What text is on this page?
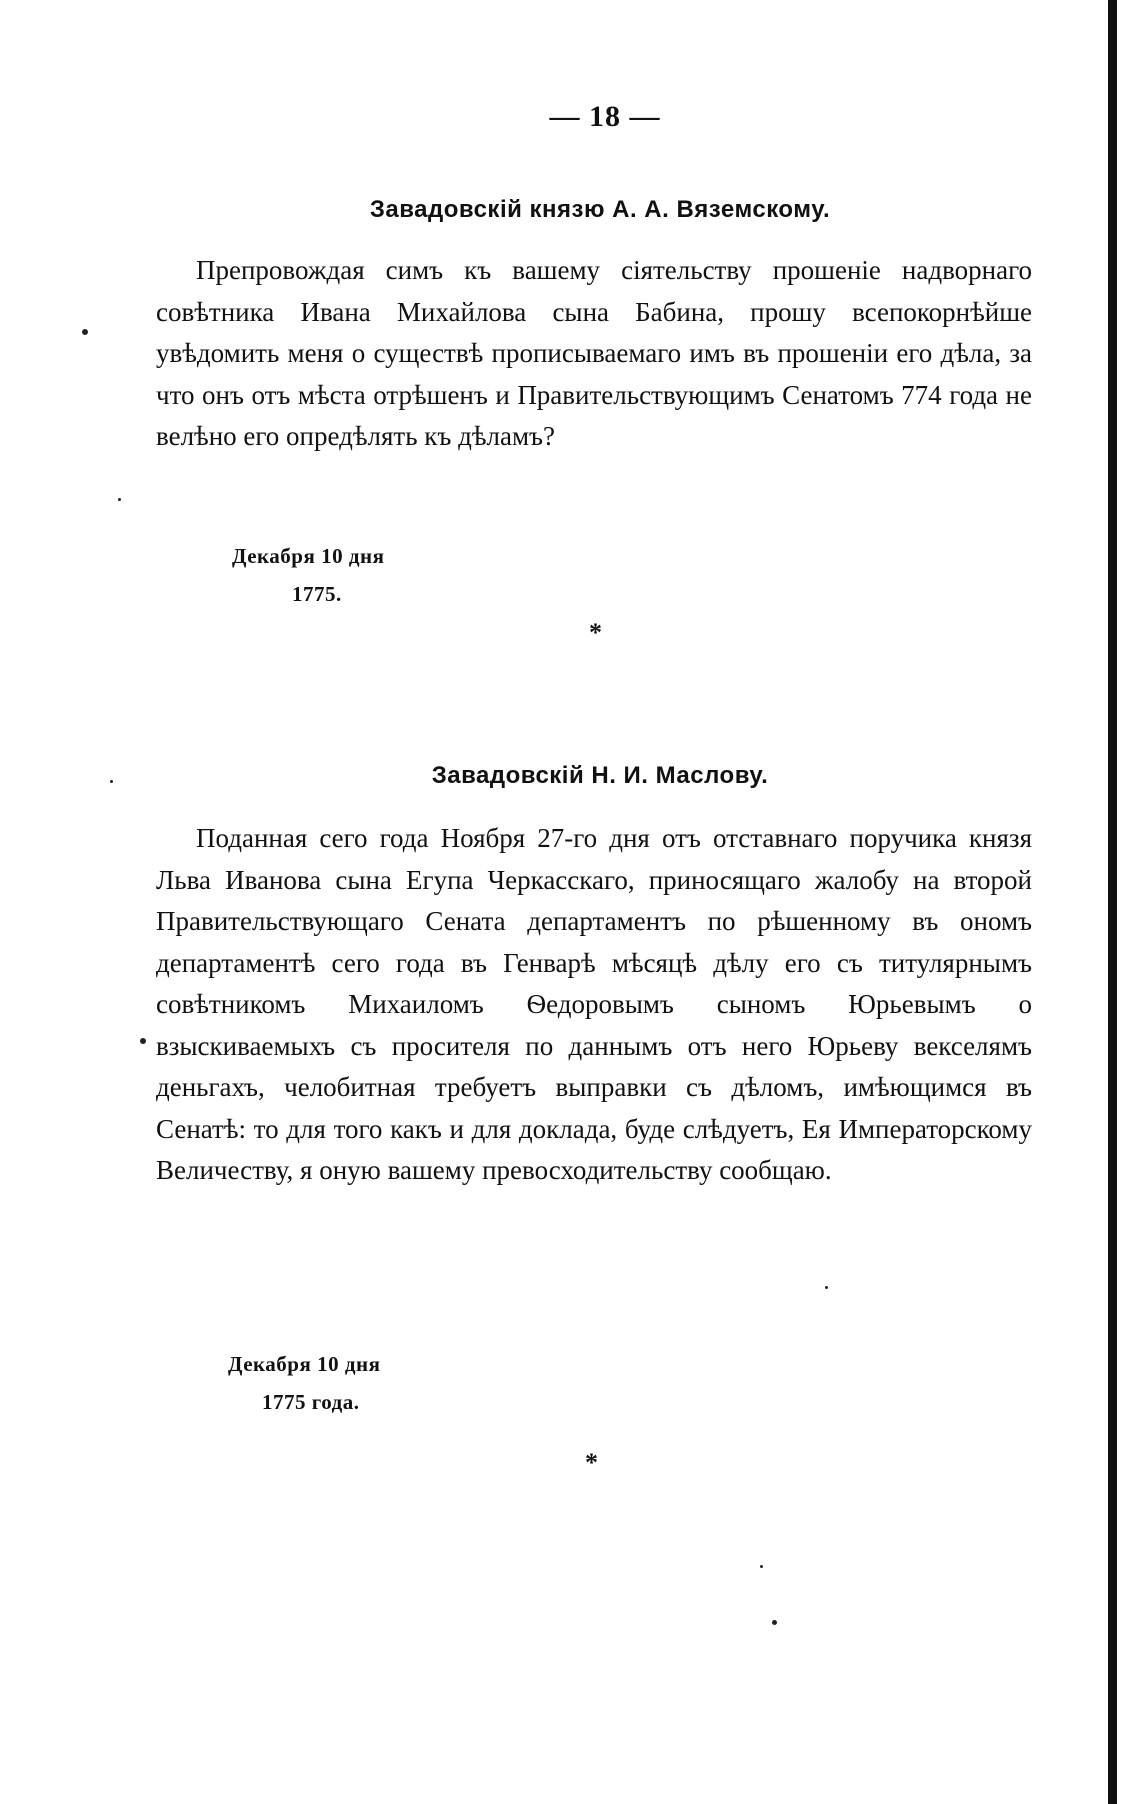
— 18 —
Завадовскій князю А. А. Вяземскому.

Препровождая симъ къ вашему сіятельству прошеніе надворнаго совѣтника Ивана Михайлова сына Бабина, прошу всепокорнѣйше увѣдомить меня о существѣ прописываемаго имъ въ прошеніи его дѣла, за что онъ отъ мѣста отрѣшенъ и Правительствующимъ Сенатомъ 774 года не велѣно его опредѣлять къ дѣламъ?

Декабря 10 дня
1775.
*
Завадовскій Н. И. Маслову.

Поданная сего года Ноября 27-го дня отъ отставнаго поручика князя Льва Иванова сына Егупа Черкасскаго, приносящаго жалобу на второй Правительствующаго Сената департаментъ по рѣшенному въ ономъ департаментѣ сего года въ Генварѣ мѣсяцѣ дѣлу его съ титулярнымъ совѣтникомъ Михаиломъ Ѳедоровымъ сыномъ Юрьевымъ о взыскиваемыхъ съ просителя по даннымъ отъ него Юрьеву векселямъ деньгахъ, челобитная требуетъ выправки съ дѣломъ, имѣющимся въ Сенатѣ: то для того какъ и для доклада, буде слѣдуетъ, Ея Императорскому Величеству, я оную вашему превосходительству сообщаю.

Декабря 10 дня
1775 года.
*
